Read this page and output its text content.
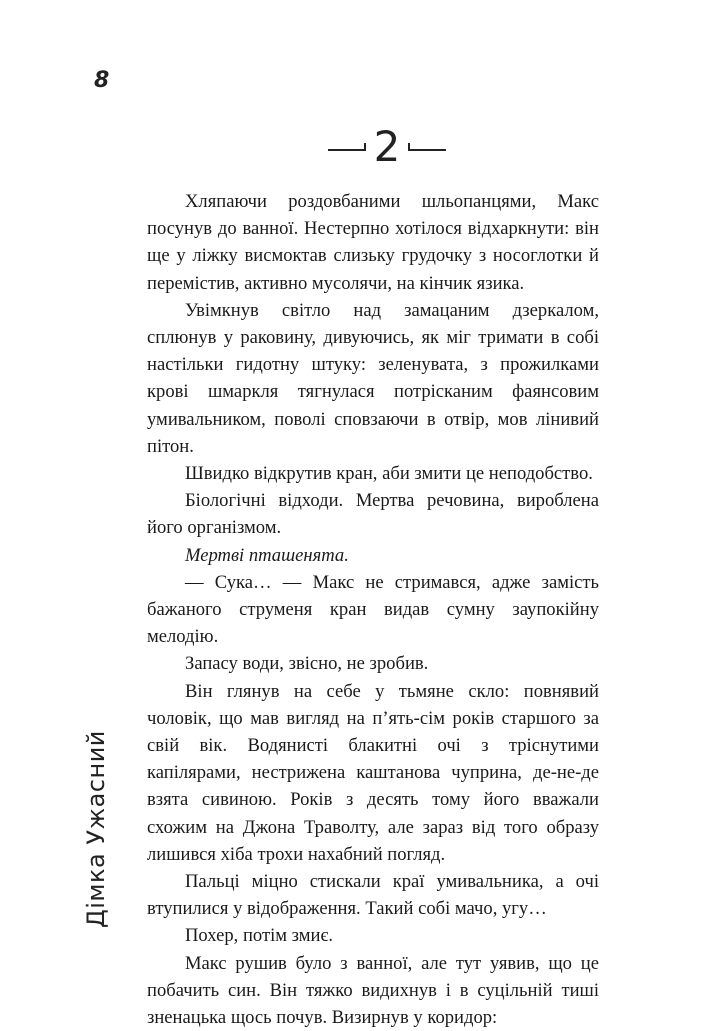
8
2

Хляпаючи роздовбаними шльопанцями, Макс посунув до ванної. Нестерпно хотілося відхаркнути: він ще у ліжку висмоктав слизьку грудочку з носоглотки й перемістив, активно мусолячи, на кінчик язика.

Увімкнув світло над замацаним дзеркалом, сплюнув у раковину, дивуючись, як міг тримати в собі настільки гидотну штуку: зеленувата, з прожилками крові шмаркля тягнулася потрісканим фаянсовим умивальником, поволі сповзаючи в отвір, мов лінивий пітон.

Швидко відкрутив кран, аби змити це неподобство.

Біологічні відходи. Мертва речовина, вироблена його організмом.

Мертві пташенята.

— Сука… — Макс не стримався, адже замість бажаного струменя кран видав сумну заупокійну мелодію.

Запасу води, звісно, не зробив.

Він глянув на себе у тьмяне скло: повнявий чоловік, що мав вигляд на п’ять-сім років старшого за свій вік. Водянисті блакитні очі з тріснутими капілярами, нестрижена каштанова чуприна, де-не-де взята сивиною. Років з десять тому його вважали схожим на Джона Траволту, але зараз від того образу лишився хіба трохи нахабний погляд.

Пальці міцно стискали краї умивальника, а очі втупилися у відображення. Такий собі мачо, угу…

Похер, потім змиє.

Макс рушив було з ванної, але тут уявив, що це побачить син. Він тяжко видихнув і в суцільній тиші зненацька щось почув. Визирнув у коридор:

Дімка Ужасний
